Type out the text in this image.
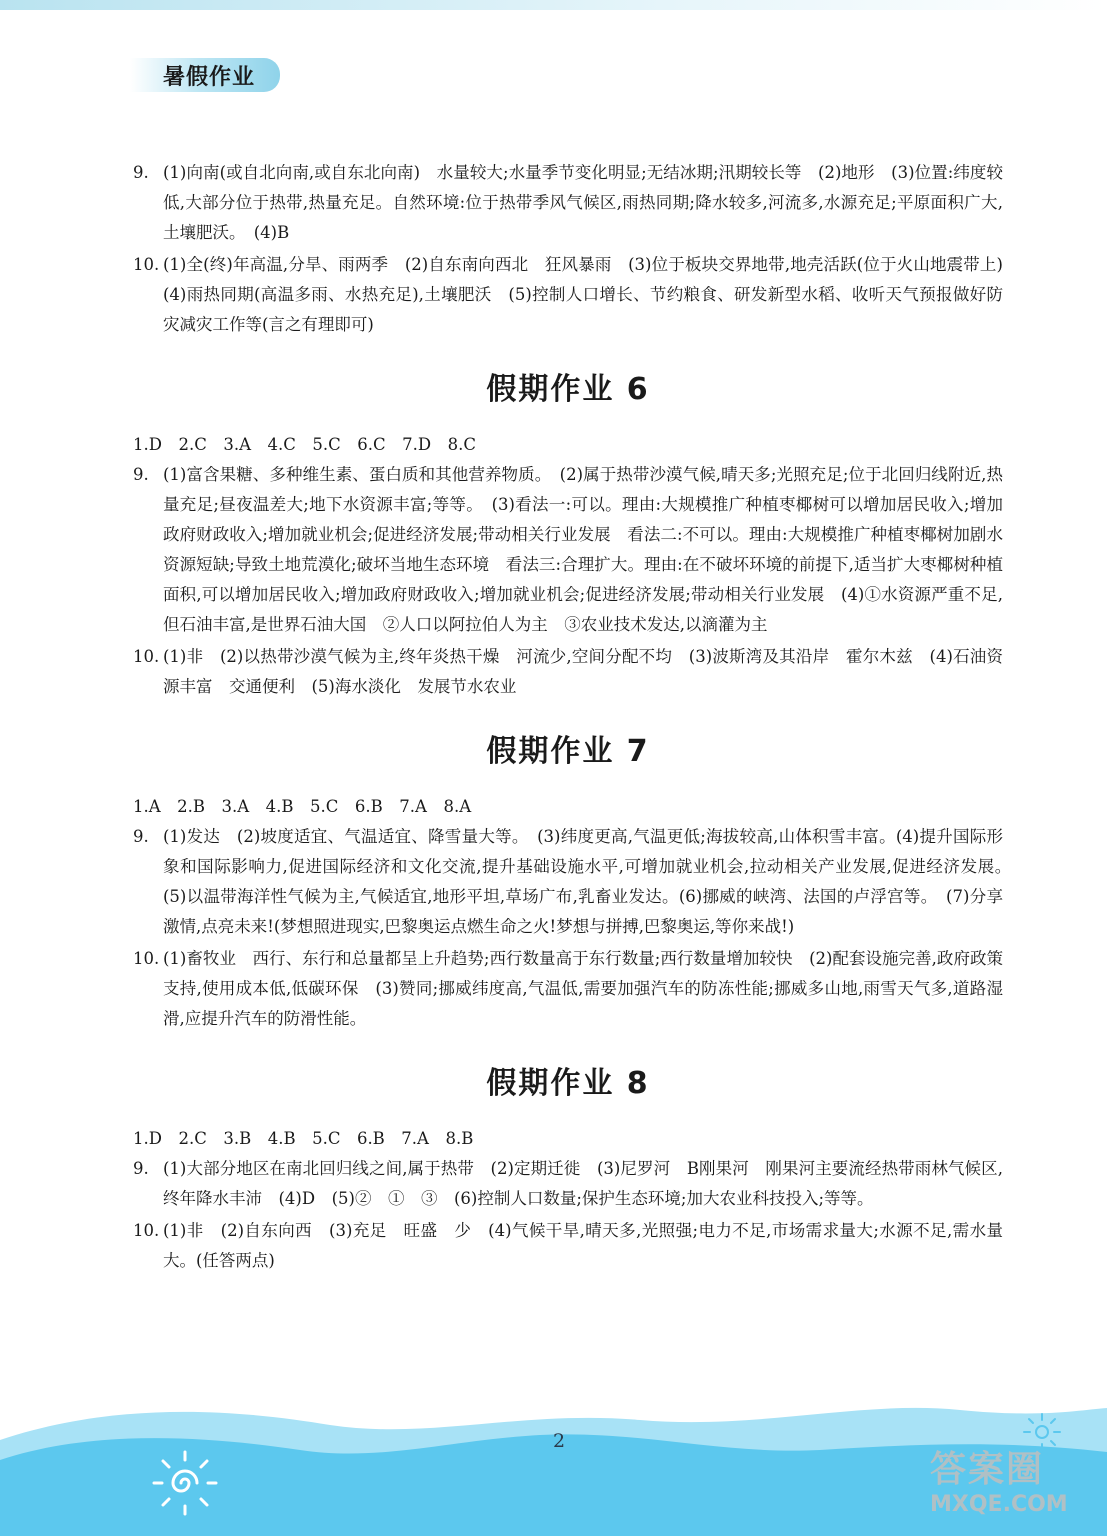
暑假作业
9. (1)向南(或自北向南,或自东北向南)　水量较大;水量季节变化明显;无结冰期;汛期较长等　(2)地形　(3)位置:纬度较低,大部分位于热带,热量充足。自然环境:位于热带季风气候区,雨热同期;降水较多,河流多,水源充足;平原面积广大,土壤肥沃。　(4)B
10. (1)全(终)年高温,分旱、雨两季　(2)自东南向西北　狂风暴雨　(3)位于板块交界地带,地壳活跃(位于火山地震带上)　(4)雨热同期(高温多雨、水热充足),土壤肥沃　(5)控制人口增长、节约粮食、研发新型水稻、收听天气预报做好防灾减灾工作等(言之有理即可)
假期作业 6
1.D　2.C　3.A　4.C　5.C　6.C　7.D　8.C
9. (1)富含果糖、多种维生素、蛋白质和其他营养物质。　(2)属于热带沙漠气候,晴天多;光照充足;位于北回归线附近,热量充足;昼夜温差大;地下水资源丰富;等等。　(3)看法一:可以。理由:大规模推广种植枣椰树可以增加居民收入;增加政府财政收入;增加就业机会;促进经济发展;带动相关行业发展　看法二:不可以。理由:大规模推广种植枣椰树加剧水资源短缺;导致土地荒漠化;破坏当地生态环境　看法三:合理扩大。理由:在不破坏环境的前提下,适当扩大枣椰树种植面积,可以增加居民收入;增加政府财政收入;增加就业机会;促进经济发展;带动相关行业发展　(4)①水资源严重不足,但石油丰富,是世界石油大国　②人口以阿拉伯人为主　③农业技术发达,以滴灌为主
10. (1)非　(2)以热带沙漠气候为主,终年炎热干燥　河流少,空间分配不均　(3)波斯湾及其沿岸　霍尔木兹　(4)石油资源丰富　交通便利　(5)海水淡化　发展节水农业
假期作业 7
1.A　2.B　3.A　4.B　5.C　6.B　7.A　8.A
9. (1)发达　(2)坡度适宜、气温适宜、降雪量大等。　(3)纬度更高,气温更低;海拔较高,山体积雪丰富。(4)提升国际形象和国际影响力,促进国际经济和文化交流,提升基础设施水平,可增加就业机会,拉动相关产业发展,促进经济发展。　(5)以温带海洋性气候为主,气候适宜,地形平坦,草场广布,乳畜业发达。(6)挪威的峡湾、法国的卢浮宫等。　(7)分享激情,点亮未来!(梦想照进现实,巴黎奥运点燃生命之火!梦想与拼搏,巴黎奥运,等你来战!)
10. (1)畜牧业　西行、东行和总量都呈上升趋势;西行数量高于东行数量;西行数量增加较快　(2)配套设施完善,政府政策支持,使用成本低,低碳环保　(3)赞同;挪威纬度高,气温低,需要加强汽车的防冻性能;挪威多山地,雨雪天气多,道路湿滑,应提升汽车的防滑性能。
假期作业 8
1.D　2.C　3.B　4.B　5.C　6.B　7.A　8.B
9. (1)大部分地区在南北回归线之间,属于热带　(2)定期迁徙　(3)尼罗河　B刚果河　刚果河主要流经热带雨林气候区,终年降水丰沛　(4)D　(5)②　①　③　(6)控制人口数量;保护生态环境;加大农业科技投入;等等。
10. (1)非　(2)自东向西　(3)充足　旺盛　少　(4)气候干旱,晴天多,光照强;电力不足,市场需求量大;水源不足,需水量大。(任答两点)
2
答案圈
MXQE.COM
